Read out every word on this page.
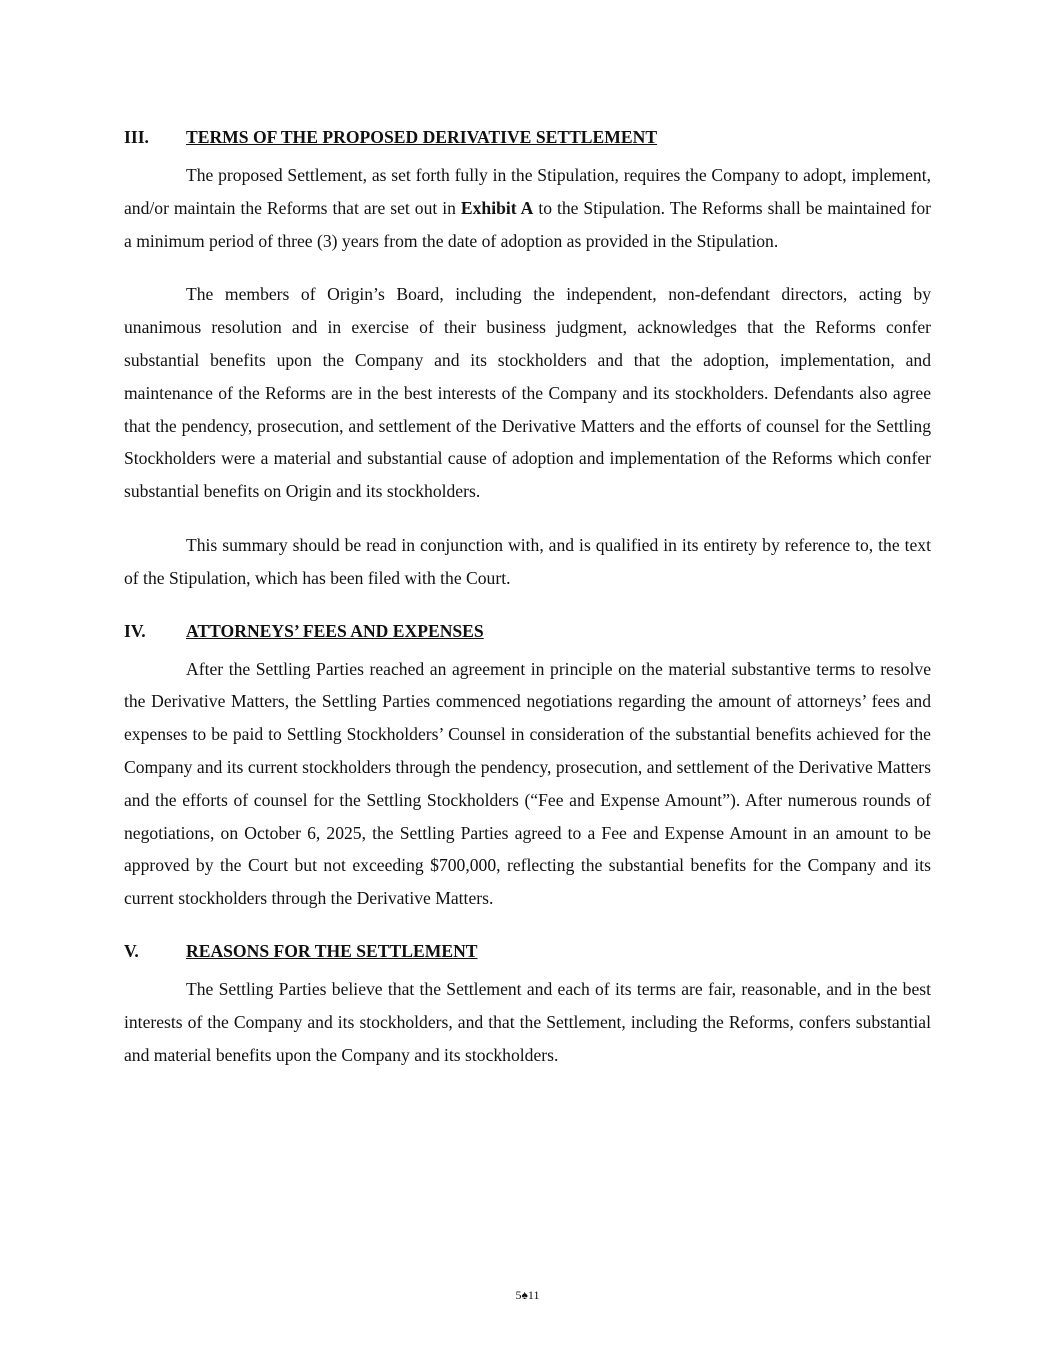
III.	TERMS OF THE PROPOSED DERIVATIVE SETTLEMENT

The proposed Settlement, as set forth fully in the Stipulation, requires the Company to adopt, implement, and/or maintain the Reforms that are set out in Exhibit A to the Stipulation. The Reforms shall be maintained for a minimum period of three (3) years from the date of adoption as provided in the Stipulation.

The members of Origin’s Board, including the independent, non-defendant directors, acting by unanimous resolution and in exercise of their business judgment, acknowledges that the Reforms confer substantial benefits upon the Company and its stockholders and that the adoption, implementation, and maintenance of the Reforms are in the best interests of the Company and its stockholders. Defendants also agree that the pendency, prosecution, and settlement of the Derivative Matters and the efforts of counsel for the Settling Stockholders were a material and substantial cause of adoption and implementation of the Reforms which confer substantial benefits on Origin and its stockholders.

This summary should be read in conjunction with, and is qualified in its entirety by reference to, the text of the Stipulation, which has been filed with the Court.

IV.	ATTORNEYS’ FEES AND EXPENSES

After the Settling Parties reached an agreement in principle on the material substantive terms to resolve the Derivative Matters, the Settling Parties commenced negotiations regarding the amount of attorneys’ fees and expenses to be paid to Settling Stockholders’ Counsel in consideration of the substantial benefits achieved for the Company and its current stockholders through the pendency, prosecution, and settlement of the Derivative Matters and the efforts of counsel for the Settling Stockholders (“Fee and Expense Amount”). After numerous rounds of negotiations, on October 6, 2025, the Settling Parties agreed to a Fee and Expense Amount in an amount to be approved by the Court but not exceeding $700,000, reflecting the substantial benefits for the Company and its current stockholders through the Derivative Matters.

V.	REASONS FOR THE SETTLEMENT

The Settling Parties believe that the Settlement and each of its terms are fair, reasonable, and in the best interests of the Company and its stockholders, and that the Settlement, including the Reforms, confers substantial and material benefits upon the Company and its stockholders.

5♠11
